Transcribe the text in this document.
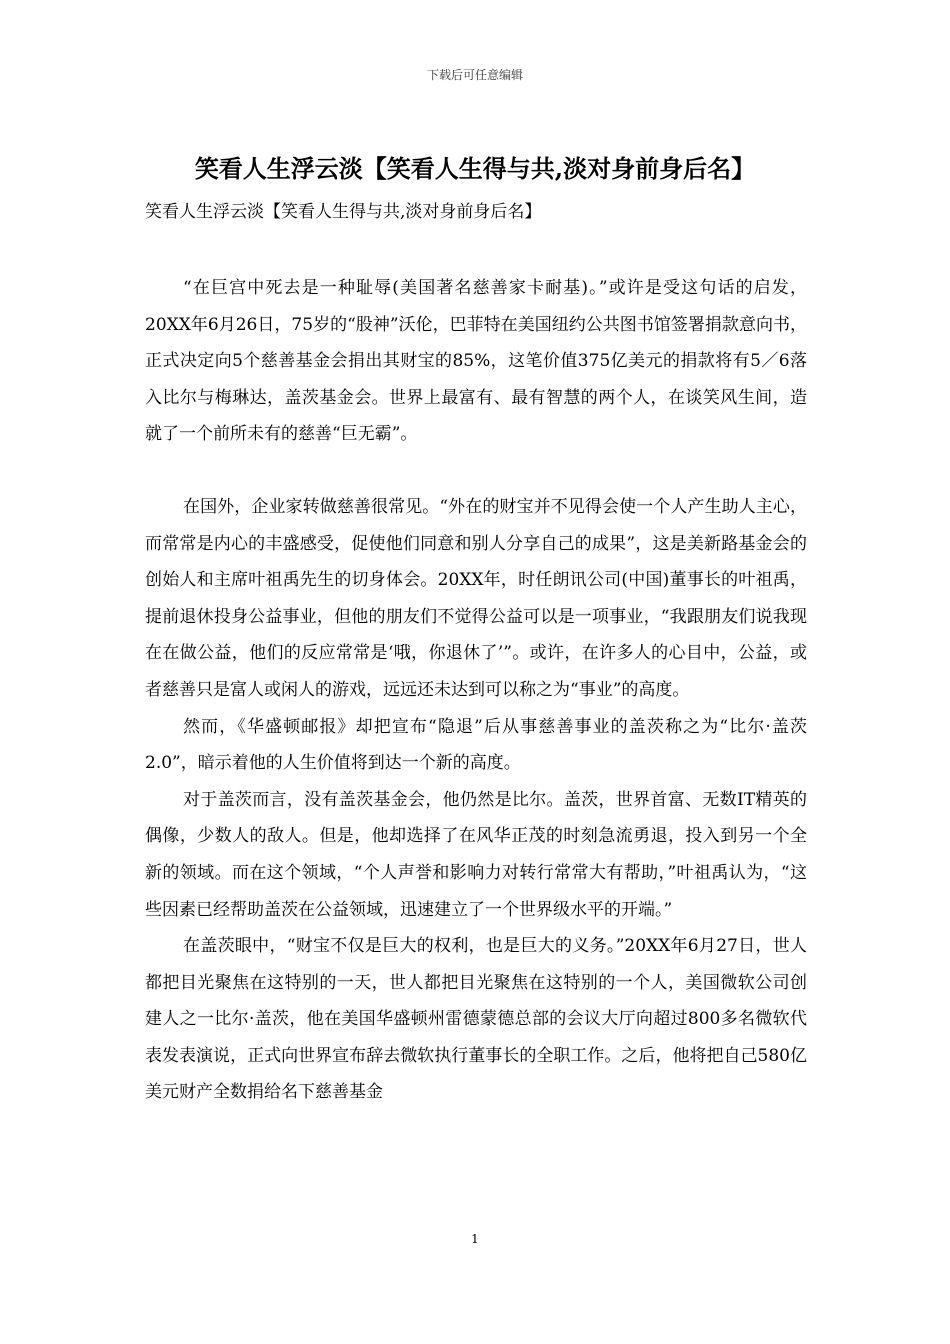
下载后可任意编辑
笑看人生浮云淡【笑看人生得与共,淡对身前身后名】
笑看人生浮云淡【笑看人生得与共,淡对身前身后名】

“在巨宫中死去是一种耻辱(美国著名慈善家卡耐基)。”或许是受这句话的启发，20XX年6月26日，75岁的“股神”沃伦，巴菲特在美国纽约公共图书馆签署捐款意向书，正式决定向5个慈善基金会捐出其财宝的85%，这笔价值375亿美元的捐款将有5／6落入比尔与梅琳达，盖茨基金会。世界上最富有、最有智慧的两个人，在谈笑风生间，造就了一个前所未有的慈善“巨无霸”。

在国外，企业家转做慈善很常见。“外在的财宝并不见得会使一个人产生助人主心，而常常是内心的丰盛感受，促使他们同意和别人分享自己的成果”，这是美新路基金会的创始人和主席叶祖禹先生的切身体会。20XX年，时任朗讯公司(中国)董事长的叶祖禹，提前退休投身公益事业，但他的朋友们不觉得公益可以是一项事业，“我跟朋友们说我现在在做公益，他们的反应常常是‘哦，你退休了’”。或许，在许多人的心目中，公益，或者慈善只是富人或闲人的游戏，远远还未达到可以称之为“事业”的高度。

然而，《华盛顿邮报》却把宣布“隐退”后从事慈善事业的盖茨称之为“比尔·盖茨2.0”，暗示着他的人生价值将到达一个新的高度。

对于盖茨而言，没有盖茨基金会，他仍然是比尔。盖茨，世界首富、无数IT精英的偶像，少数人的敌人。但是，他却选择了在风华正茂的时刻急流勇退，投入到另一个全新的领域。而在这个领域，“个人声誉和影响力对转行常常大有帮助，”叶祖禹认为，“这些因素已经帮助盖茨在公益领域，迅速建立了一个世界级水平的开端。”

在盖茨眼中，“财宝不仅是巨大的权利，也是巨大的义务。”20XX年6月27日，世人都把目光聚焦在这特别的一天，世人都把目光聚焦在这特别的一个人，美国微软公司创建人之一比尔·盖茨，他在美国华盛顿州雷德蒙德总部的会议大厅向超过800多名微软代表发表演说，正式向世界宣布辞去微软执行董事长的全职工作。之后，他将把自己580亿美元财产全数捐给名下慈善基金

1
